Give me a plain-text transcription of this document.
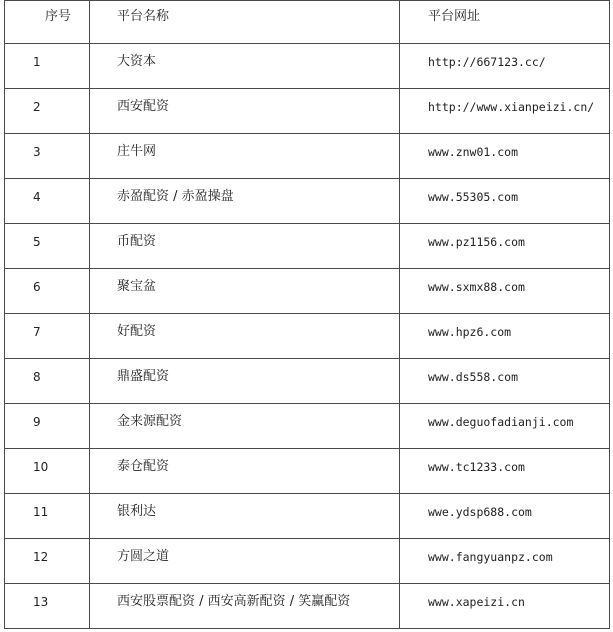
序号	平台名称	平台网址
1	大资本	http://667123.cc/
2	西安配资	http://www.xianpeizi.cn/
3	庄牛网	www.znw01.com
4	赤盈配资 / 赤盈操盘	www.55305.com
5	币配资	www.pz1156.com
6	聚宝盆	www.sxmx88.com
7	好配资	www.hpz6.com
8	鼎盛配资	www.ds558.com
9	金来源配资	www.deguofadianji.com
10	泰仓配资	www.tc1233.com
11	银利达	wwe.ydsp688.com
12	方圆之道	www.fangyuanpz.com
13	西安股票配资 / 西安高新配资 / 笑赢配资	www.xapeizi.cn
